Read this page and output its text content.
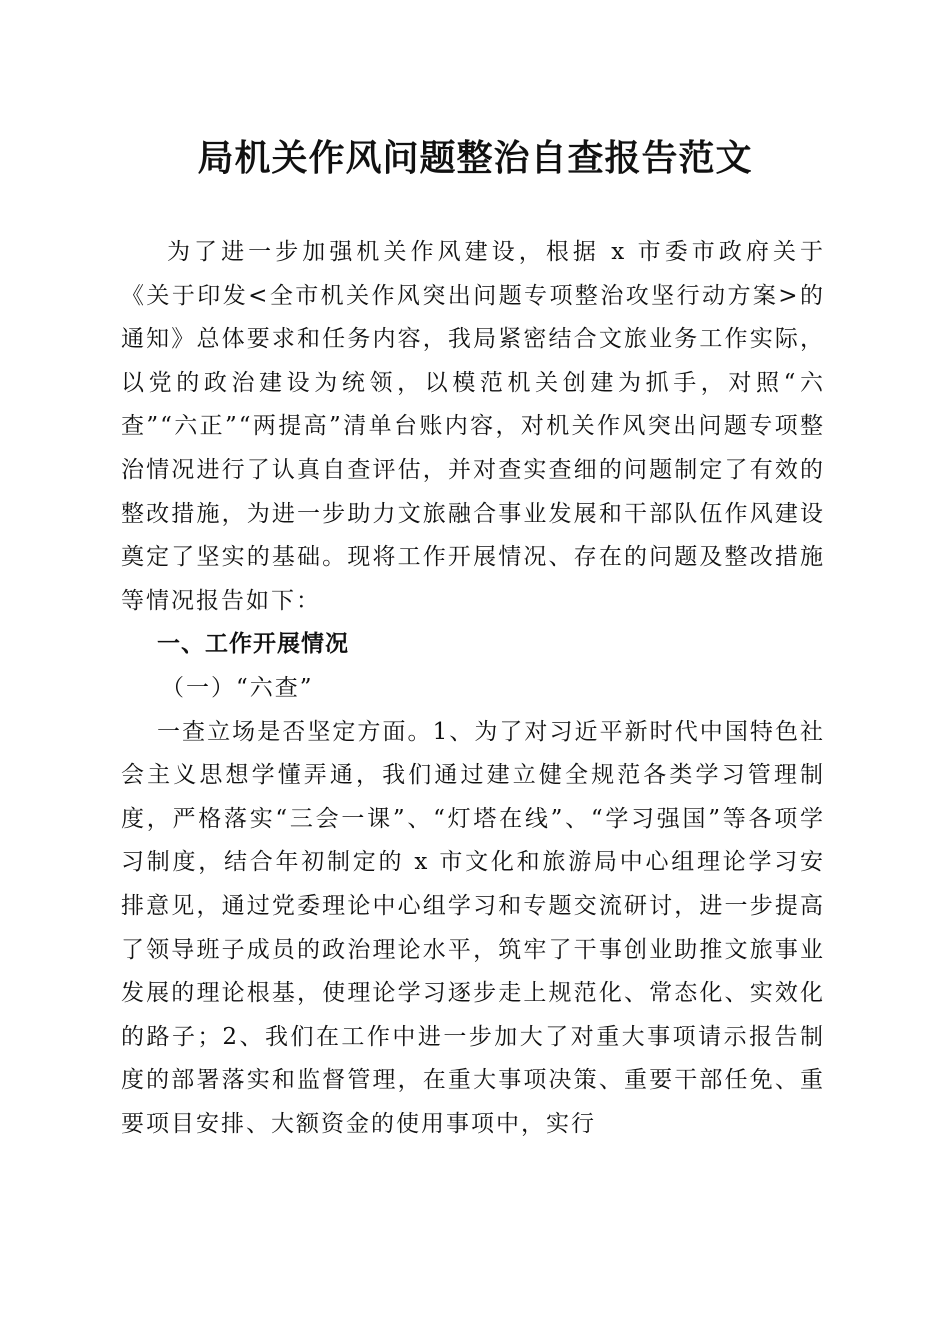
局机关作风问题整治自查报告范文

为了进一步加强机关作风建设，根据 x 市委市政府关于《关于印发<全市机关作风突出问题专项整治攻坚行动方案>的通知》总体要求和任务内容，我局紧密结合文旅业务工作实际，以党的政治建设为统领，以模范机关创建为抓手，对照“六查”“六正”“两提高”清单台账内容，对机关作风突出问题专项整治情况进行了认真自查评估，并对查实查细的问题制定了有效的整改措施，为进一步助力文旅融合事业发展和干部队伍作风建设奠定了坚实的基础。现将工作开展情况、存在的问题及整改措施等情况报告如下：

一、工作开展情况

（一）“六查”

一查立场是否坚定方面。1、为了对习近平新时代中国特色社会主义思想学懂弄通，我们通过建立健全规范各类学习管理制度，严格落实“三会一课”、“灯塔在线”、“学习强国”等各项学习制度，结合年初制定的 x 市文化和旅游局中心组理论学习安排意见，通过党委理论中心组学习和专题交流研讨，进一步提高了领导班子成员的政治理论水平，筑牢了干事创业助推文旅事业发展的理论根基，使理论学习逐步走上规范化、常态化、实效化的路子；2、我们在工作中进一步加大了对重大事项请示报告制度的部署落实和监督管理，在重大事项决策、重要干部任免、重要项目安排、大额资金的使用事项中，实行
